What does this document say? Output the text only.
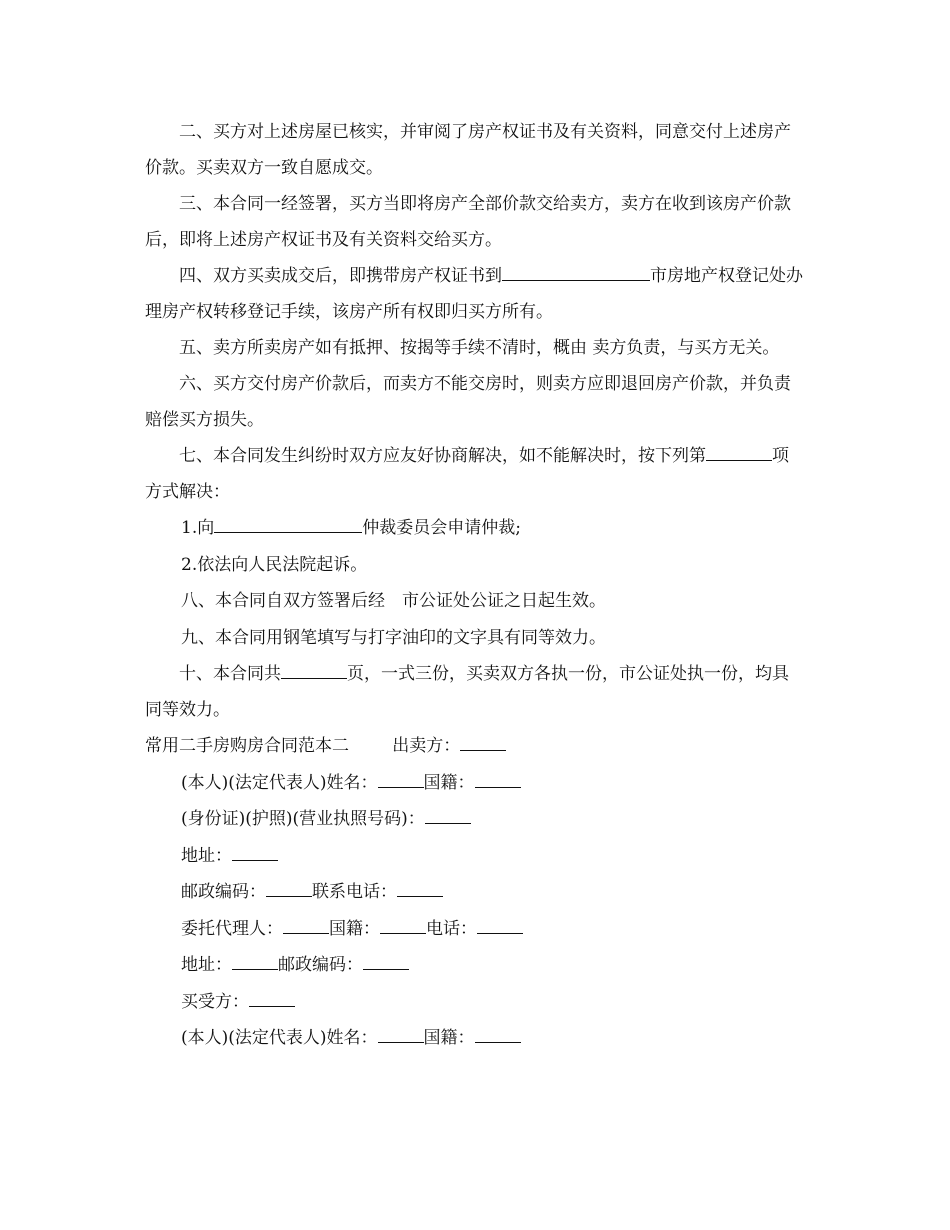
二、买方对上述房屋已核实，并审阅了房产权证书及有关资料，同意交付上述房产价款。买卖双方一致自愿成交。

三、本合同一经签署，买方当即将房产全部价款交给卖方，卖方在收到该房产价款后，即将上述房产权证书及有关资料交给买方。

四、双方买卖成交后，即携带房产权证书到	市房地产权登记处办理房产权转移登记手续，该房产所有权即归买方所有。

五、卖方所卖房产如有抵押、按揭等手续不清时，概由 卖方负责，与买方无关。

六、买方交付房产价款后，而卖方不能交房时，则卖方应即退回房产价款，并负责赔偿买方损失。

七、本合同发生纠纷时双方应友好协商解决，如不能解决时，按下列第	项方式解决：

1.向	仲裁委员会申请仲裁;

2.依法向人民法院起诉。

八、本合同自双方签署后经　市公证处公证之日起生效。

九、本合同用钢笔填写与打字油印的文字具有同等效力。

十、本合同共	页，一式三份，买卖双方各执一份，市公证处执一份，均具同等效力。

常用二手房购房合同范本二	出卖方：

(本人)(法定代表人)姓名：	国籍：

(身份证)(护照)(营业执照号码)：

地址：

邮政编码：	联系电话：

委托代理人：	国籍：	电话：

地址：	邮政编码：

买受方：

(本人)(法定代表人)姓名：	国籍：
